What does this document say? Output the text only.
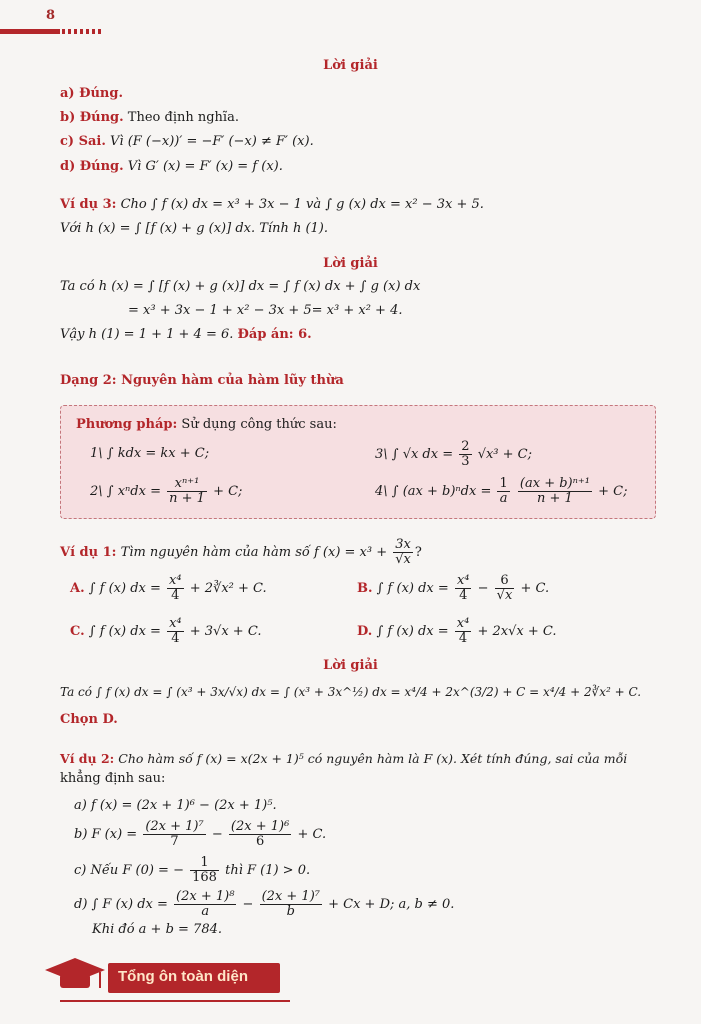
8
Lời giải
a) Đúng.
b) Đúng. Theo định nghĩa.
c) Sai. Vì (F (−x))′ = −F′ (−x) ≠ F′ (x).
d) Đúng. Vì G′ (x) = F′ (x) = f (x).
Ví dụ 3: Cho ∫ f (x) dx = x³ + 3x − 1 và ∫ g (x) dx = x² − 3x + 5.
Với h (x) = ∫ [f (x) + g (x)] dx. Tính h (1).
Lời giải
Ta có h (x) = ∫ [f (x) + g (x)] dx = ∫ f (x) dx + ∫ g (x) dx
= x³ + 3x − 1 + x² − 3x + 5= x³ + x² + 4.
Vậy h (1) = 1 + 1 + 4 = 6. Đáp án: 6.
Dạng 2: Nguyên hàm của hàm lũy thừa
Phương pháp: Sử dụng công thức sau:
1\ ∫ kdx = kx + C;
2\ ∫ $x^ndx = \frac{\text{xⁿ⁺¹}}{n + 1} + C$;
3\ ∫ √x dx = $\frac{2}{3} √x^3 + C$;
4\ ∫ $(ax + b)^ndx = \frac{1}{a}$
$\frac{\text{(ax + b)ⁿ⁺¹}}{n + 1} + C$;
Ví dụ 1: Tìm nguyên hàm của hàm số f $(x) = x^3 + \frac{3x}{√x}$ ?
A. ∫ f (x) dx = $\frac{\text{x⁴}}{4}$ + 2∛x² + C.	B. ∫ f (x) dx = $\frac{\text{x⁴}}{4} - \frac{6}{√x} + C$.
C. ∫ f (x) dx = $\frac{\text{x⁴}}{4} + 3√x + C$.	D. ∫ f (x) dx = $\frac{\text{x⁴}}{4} + 2x√x + C$.
Lời giải
Ta có ∫ f (x) dx = ∫ (x³ + 3x/√x) dx = ∫ (x³ + 3x^½) dx = x⁴/4 + 2x^(3/2) + C = x⁴/4 + 2∛x² + C.
Chọn D.
Ví dụ 2: Cho hàm số f (x) = x(2x + 1)⁵ có nguyên hàm là F (x). Xét tính đúng, sai của mỗi
khẳng định sau:
a) f (x) = (2x + 1)⁶ − (2x + 1)⁵.
b) F $(x) = \frac{\text{(2x + 1)⁷}}{7} - \frac{\text{(2x + 1)⁶}}{6} + C$.
c) Nếu F (0) = − $\frac{1}{168}$ thì F (1) > 0.
d) ∫ F (x) dx = $\frac{\text{(2x + 1)⁸}}{a} - \frac{\text{(2x + 1)⁷}}{b} + Cx + D$; a, b ≠ 0.
Khi đó a + b = 784.
Tổng ôn toàn diện
